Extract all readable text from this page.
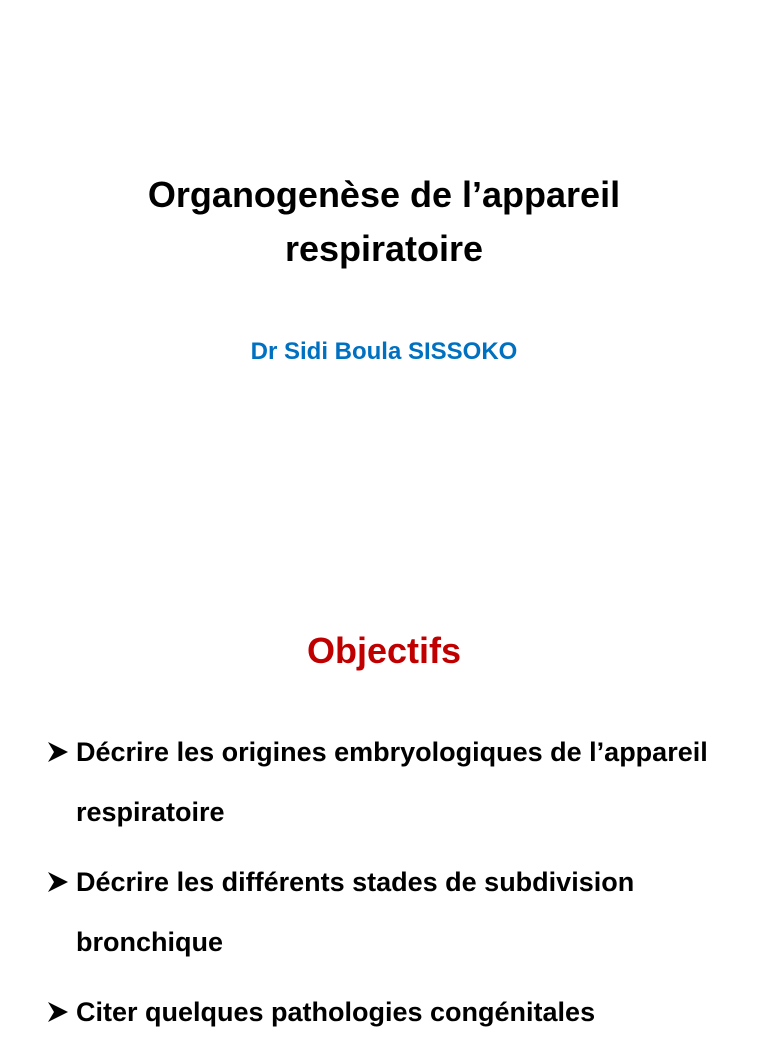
Organogenèse de l’appareil
respiratoire
Dr Sidi Boula SISSOKO
Objectifs
Décrire les origines embryologiques de l’appareil respiratoire
Décrire les différents stades de subdivision bronchique
Citer quelques pathologies congénitales
